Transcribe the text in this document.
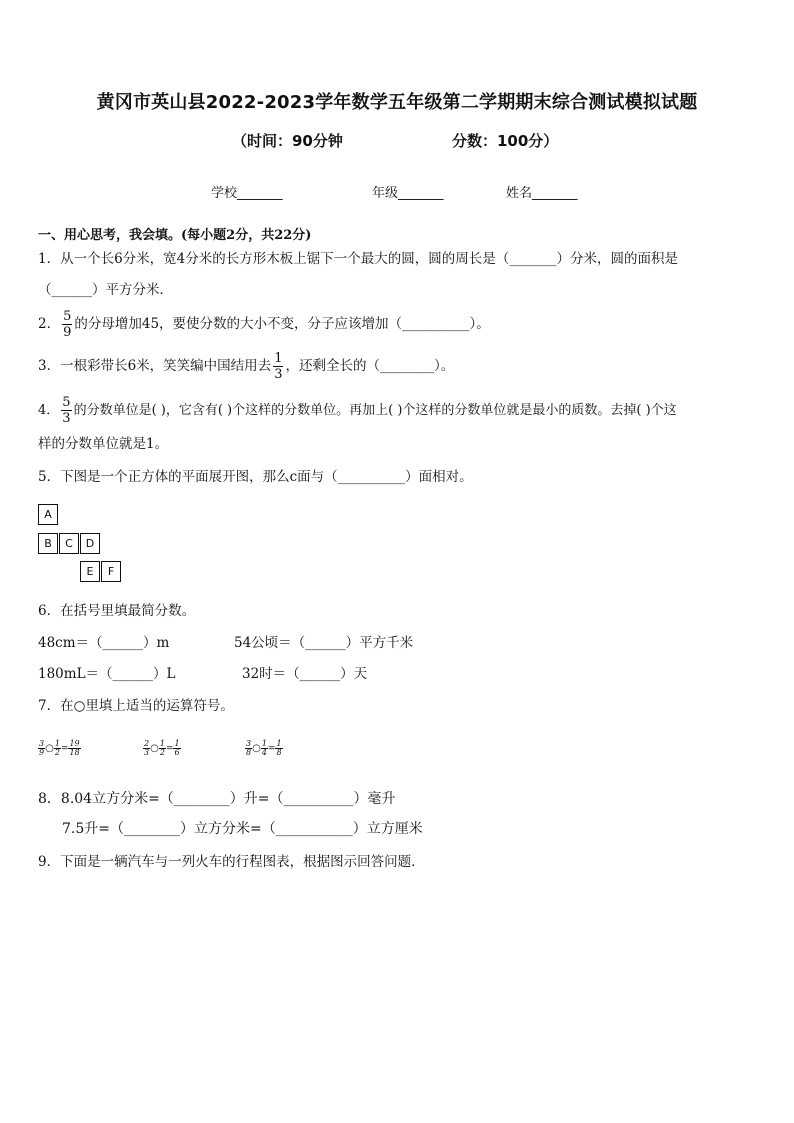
黄冈市英山县2022-2023学年数学五年级第二学期期末综合测试模拟试题
（时间：90分钟	分数：100分）
学校_______	年级_______	姓名_______
一、用心思考，我会填。(每小题2分，共22分)
1．从一个长6分米，宽4分米的长方形木板上锯下一个最大的圆，圆的周长是（_______）分米，圆的面积是
（______）平方分米．
2． $\frac{5}{9}$ 的分母增加45，要使分数的大小不变，分子应该增加（__________）。
3．一根彩带长6米，笑笑编中国结用去 $\frac{1}{3}$ ，还剩全长的（________）。
4． $\frac{5}{3}$ 的分数单位是( )，它含有( )个这样的分数单位。再加上( )个这样的分数单位就是最小的质数。去掉( )个这
样的分数单位就是1。
5．下图是一个正方体的平面展开图，那么c面与（__________）面相对。
A
B	C	D
E	F
6．在括号里填最简分数。
48cm＝（______）m	54公顷＝（______）平方千米
180mL＝（______）L	32时＝（______）天
7．在○里填上适当的运算符号。
$\frac{3}{9}$ ○ $\frac{1}{2} = \frac{19}{18}$	$\frac{2}{3}$ ○ $\frac{1}{2} = \frac{1}{6}$	$\frac{3}{8}$ ○ $\frac{1}{4} = \frac{1}{8}$
8．8.04立方分米=（________）升=（__________）毫升
7.5升=（________）立方分米=（___________）立方厘米
9．下面是一辆汽车与一列火车的行程图表，根据图示回答问题．
